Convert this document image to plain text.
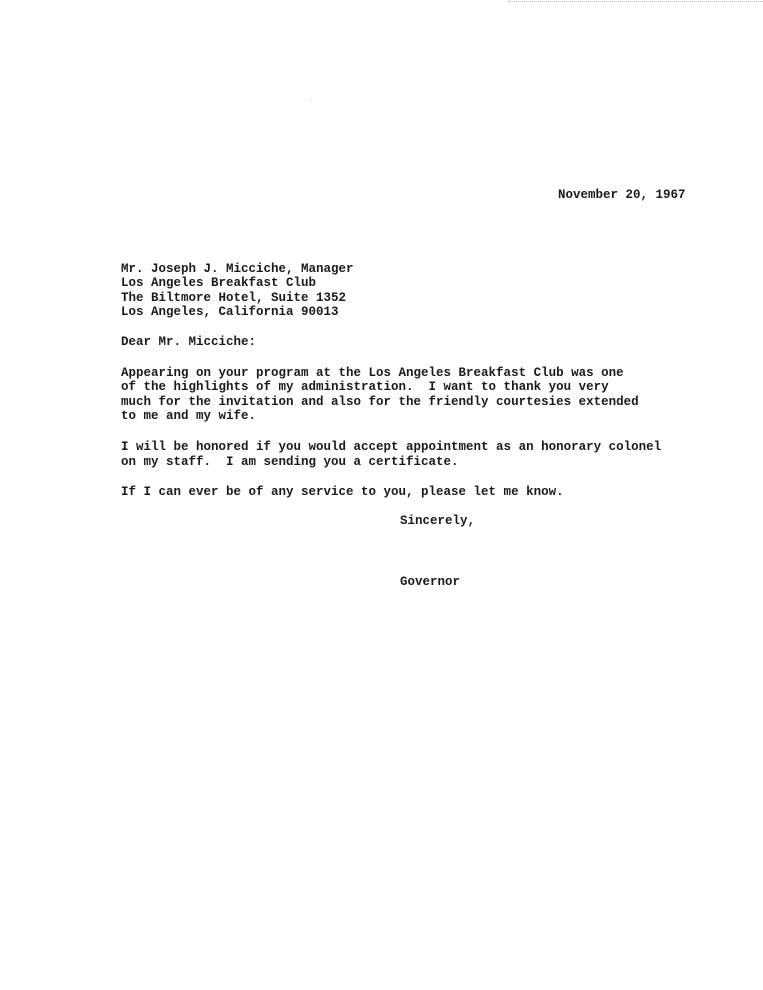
November 20, 1967
Mr. Joseph J. Micciche, Manager
Los Angeles Breakfast Club
The Biltmore Hotel, Suite 1352
Los Angeles, California 90013
Dear Mr. Micciche:
Appearing on your program at the Los Angeles Breakfast Club was one
of the highlights of my administration.  I want to thank you very
much for the invitation and also for the friendly courtesies extended
to me and my wife.
I will be honored if you would accept appointment as an honorary colonel
on my staff.  I am sending you a certificate.
If I can ever be of any service to you, please let me know.
Sincerely,
Governor
